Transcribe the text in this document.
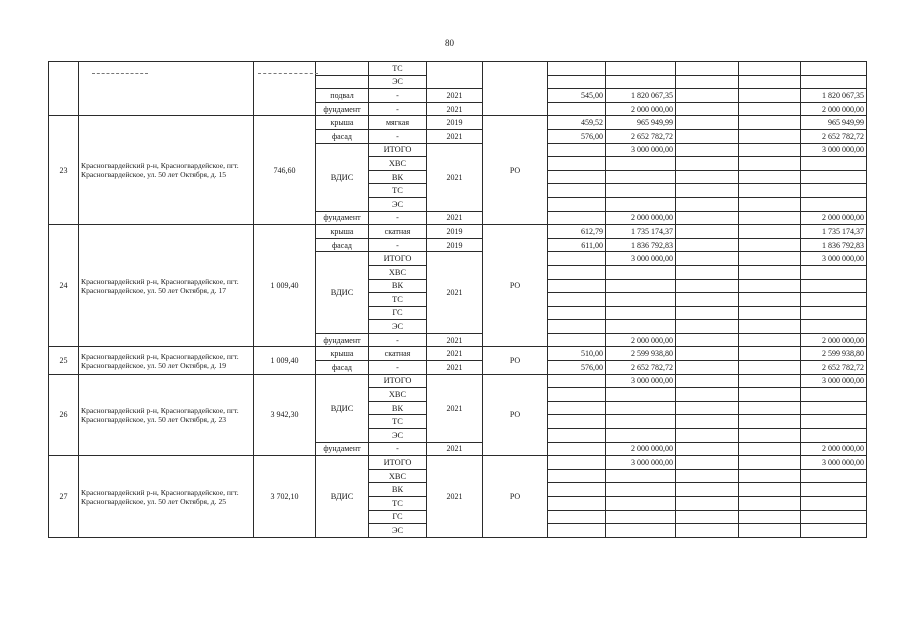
80
				ТС							
				ЭС							
			подвал	-	2021		545,00	1 820 067,35			1 820 067,35
			фундамент	-	2021			2 000 000,00			2 000 000,00
23	Красногвардейский р-н, Красногвардейское, пгт. Красногвардейское, ул. 50 лет Октября, д. 15	746,60	крыша	мягкая	2019	РО	459,52	965 949,99			965 949,99
			фасад	-	2021		576,00	2 652 782,72			2 652 782,72
			ВДИС	ИТОГО	2021			3 000 000,00			3 000 000,00
				ХВС							
				ВК							
				ТС							
				ЭС							
			фундамент	-	2021			2 000 000,00			2 000 000,00
24	Красногвардейский р-н, Красногвардейское, пгт. Красногвардейское, ул. 50 лет Октября, д. 17	1 009,40	крыша	скатная	2019	РО	612,79	1 735 174,37			1 735 174,37
			фасад	-	2019		611,00	1 836 792,83			1 836 792,83
			ВДИС	ИТОГО	2021			3 000 000,00			3 000 000,00
				ХВС							
				ВК							
				ТС							
				ГС							
				ЭС							
			фундамент	-	2021			2 000 000,00			2 000 000,00
25	Красногвардейский р-н, Красногвардейское, пгт. Красногвардейское, ул. 50 лет Октября, д. 19	1 009,40	крыша	скатная	2021	РО	510,00	2 599 938,80			2 599 938,80
			фасад	-	2021		576,00	2 652 782,72			2 652 782,72
26	Красногвардейский р-н, Красногвардейское, пгт. Красногвардейское, ул. 50 лет Октября, д. 23	3 942,30	ВДИС	ИТОГО	2021	РО		3 000 000,00			3 000 000,00
				ХВС							
				ВК							
				ТС							
				ЭС							
			фундамент	-	2021			2 000 000,00			2 000 000,00
27	Красногвардейский р-н, Красногвардейское, пгт. Красногвардейское, ул. 50 лет Октября, д. 25	3 702,10	ВДИС	ИТОГО	2021	РО		3 000 000,00			3 000 000,00
				ХВС							
				ВК							
				ТС							
				ГС							
				ЭС							
